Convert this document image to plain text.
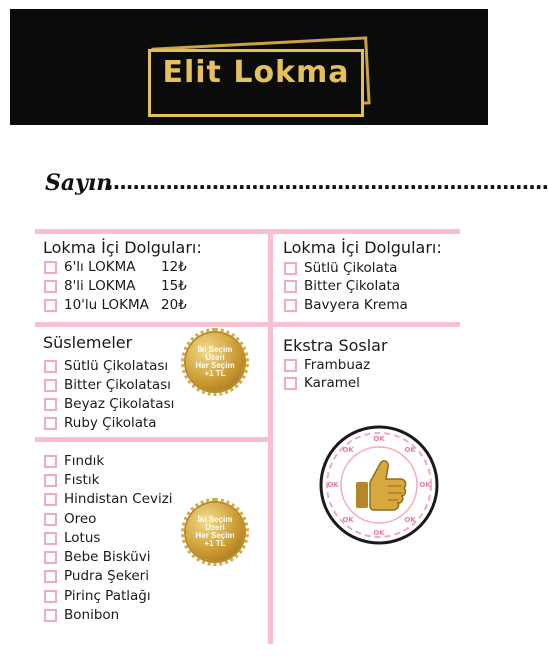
Elit Lokma
Sayın
...................................................................
Lokma İçi Dolguları:
6'lı LOKMA 12₺
8'li LOKMA 15₺
10'lu LOKMA 20₺
Lokma İçi Dolguları:
Sütlü Çikolata
Bitter Çikolata
Bavyera Krema
Süslemeler
Sütlü Çikolatası
Bitter Çikolatası
Beyaz Çikolatası
Ruby Çikolata
İki Seçim
Üzeri
Her Seçim
+1 TL
Ekstra Soslar
Frambuaz
Karamel
Fındık
Fıstık
Hindistan Cevizi
Oreo
Lotus
Bebe Bisküvi
Pudra Şekeri
Pirinç Patlağı
Bonibon
İki Seçim
Üzeri
Her Seçim
+1 TL
OK
OK
OK
OK
OK
OK
OK
OK
